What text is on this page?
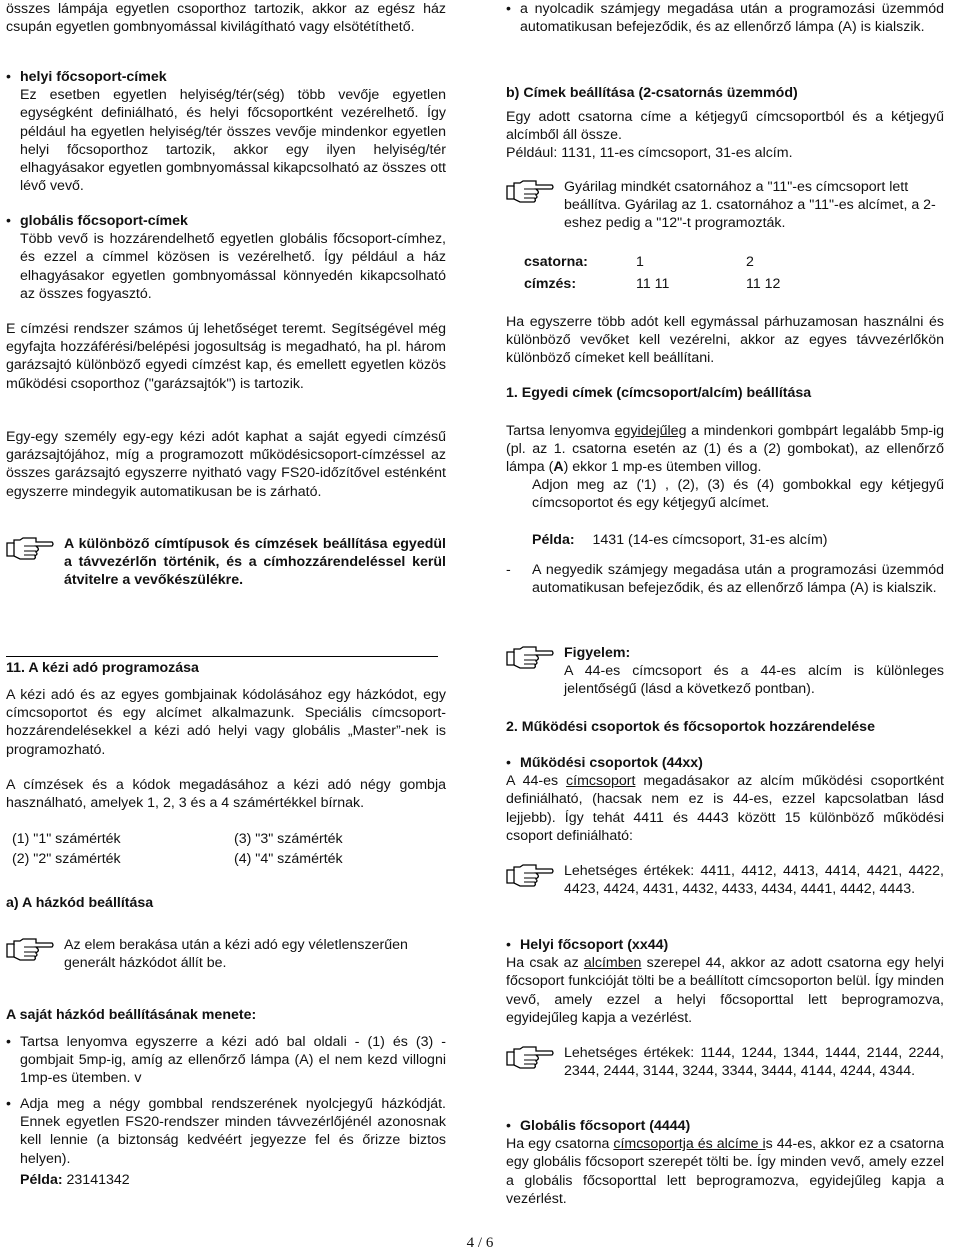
összes lámpája egyetlen csoporthoz tartozik, akkor az egész ház csupán egyetlen gombnyomással kivilágítható vagy elsötétíthető.
• helyi főcsoport-címek

Ez esetben egyetlen helyiség/tér(ség) több vevője egyetlen egységként definiálható, és helyi főcsoportként vezérelhető. Így például ha egyetlen helyiség/tér összes vevője mindenkor egyetlen helyi főcsoporthoz tartozik, akkor egy ilyen helyiség/tér elhagyásakor egyetlen gombnyomással kikapcsolható az összes ott lévő vevő.

• globális főcsoport-címek

Több vevő is hozzárendelhető egyetlen globális főcsoport-címhez, és ezzel a címmel közösen is vezérelhető. Így például a ház elhagyásakor egyetlen gombnyomással könnyedén kikapcsolható az összes fogyasztó.

E címzési rendszer számos új lehetőséget teremt. Segítségével még egyfajta hozzáférési/belépési jogosultság is megadható, ha pl. három garázsajtó különböző egyedi címzést kap, és emellett egyetlen közös működési csoporthoz ("garázsajtók") is tartozik.
Egy-egy személy egy-egy kézi adót kaphat a saját egyedi címzésű garázsajtójához, míg a programozott működésicsoport-címzéssel az összes garázsajtó egyszerre nyitható vagy FS20-időzítővel esténként egyszerre mindegyik automatikusan be is zárható.

A különböző címtípusok és címzések beállítása egyedül a távvezérlőn történik, és a címhozzárendeléssel kerül átvitelre a vevőkészülékre.

11. A kézi adó programozása
A kézi adó és az egyes gombjainak kódolásához egy házkódot, egy címcsoportot és egy alcímet alkalmazunk. Speciális címcsoport-hozzárendelésekkel a kézi adó helyi vagy globális „Master”-nek is programozható.
A címzések és a kódok megadásához a kézi adó négy gombja használható, amelyek 1, 2, 3 és a 4 számértékkel bírnak.
(1) "1" számérték	(3) "3" számérték
(2) "2" számérték	(4) "4" számérték
a) A házkód beállítása

Az elem berakása után a kézi adó egy véletlenszerűen generált házkódot állít be.

A saját házkód beállításának menete:
• Tartsa lenyomva egyszerre a kézi adó bal oldali - (1) és (3) - gombjait 5mp-ig, amíg az ellenőrző lámpa (A) el nem kezd villogni 1mp-es ütemben. v

• Adja meg a négy gombbal rendszerének nyolcjegyű házkódját. Ennek egyetlen FS20-rendszer minden távvezérlőjénél azonosnak kell lennie (a biztonság kedvéért jegyezze fel és őrizze biztos helyen).

Példa: 23141342
• a nyolcadik számjegy megadása után a programozási üzemmód automatikusan befejeződik, és az ellenőrző lámpa (A) is kialszik.

b) Címek beállítása (2-csatornás üzemmód)
Egy adott csatorna címe a kétjegyű címcsoportból és a kétjegyű alcímből áll össze.
Például: 1131, 11-es címcsoport, 31-es alcím.

Gyárilag mindkét csatornához a "11"-es címcsoport lett beállítva. Gyárilag az 1. csatornához a "11"-es alcímet, a 2-eshez pedig a "12"-t programozták.

csatorna:	1	2
címzés:	11 11	11 12
Ha egyszerre több adót kell egymással párhuzamosan használni és különböző vevőket kell vezérelni, akkor az egyes távvezérlőkön különböző címeket kell beállítani.
1. Egyedi címek (címcsoport/alcím) beállítása
Tartsa lenyomva egyidejűleg a mindenkori gombpárt legalább 5mp-ig (pl. az 1. csatorna esetén az (1) és a (2) gombokat), az ellenőrző lámpa (A) ekkor 1 mp-es ütemben villog.
Adjon meg az ('1) , (2), (3) és (4) gombokkal egy kétjegyű címcsoportot és egy kétjegyű alcímet.
Példa: 1431 (14-es címcsoport, 31-es alcím)
- A negyedik számjegy megadása után a programozási üzemmód automatikusan befejeződik, és az ellenőrző lámpa (A) is kialszik.

Figyelem:

A 44-es címcsoport és a 44-es alcím is különleges jelentőségű (lásd a következő pontban).

2. Működési csoportok és főcsoportok hozzárendelése
• Működési csoportok (44xx)

A 44-es címcsoport megadásakor az alcím működési csoportként definiálható, (hacsak nem ez is 44-es, ezzel kapcsolatban lásd lejjebb). Így tehát 4411 és 4443 között 15 különböző működési csoport definiálható:

Lehetséges értékek: 4411, 4412, 4413, 4414, 4421, 4422, 4423, 4424, 4431, 4432, 4433, 4434, 4441, 4442, 4443.

• Helyi főcsoport (xx44)

Ha csak az alcímben szerepel 44, akkor az adott csatorna egy helyi főcsoport funkcióját tölti be a beállított címcsoporton belül. Így minden vevő, amely ezzel a helyi főcsoporttal lett beprogramozva, egyidejűleg kapja a vezérlést.

Lehetséges értékek: 1144, 1244, 1344, 1444, 2144, 2244, 2344, 2444, 3144, 3244, 3344, 3444, 4144, 4244, 4344.

• Globális főcsoport (4444)

Ha egy csatorna címcsoportja és alcíme is 44-es, akkor ez a csatorna egy globális főcsoport szerepét tölti be. Így minden vevő, amely ezzel a globális főcsoporttal lett beprogramozva, egyidejűleg kapja a vezérlést.

4 / 6
